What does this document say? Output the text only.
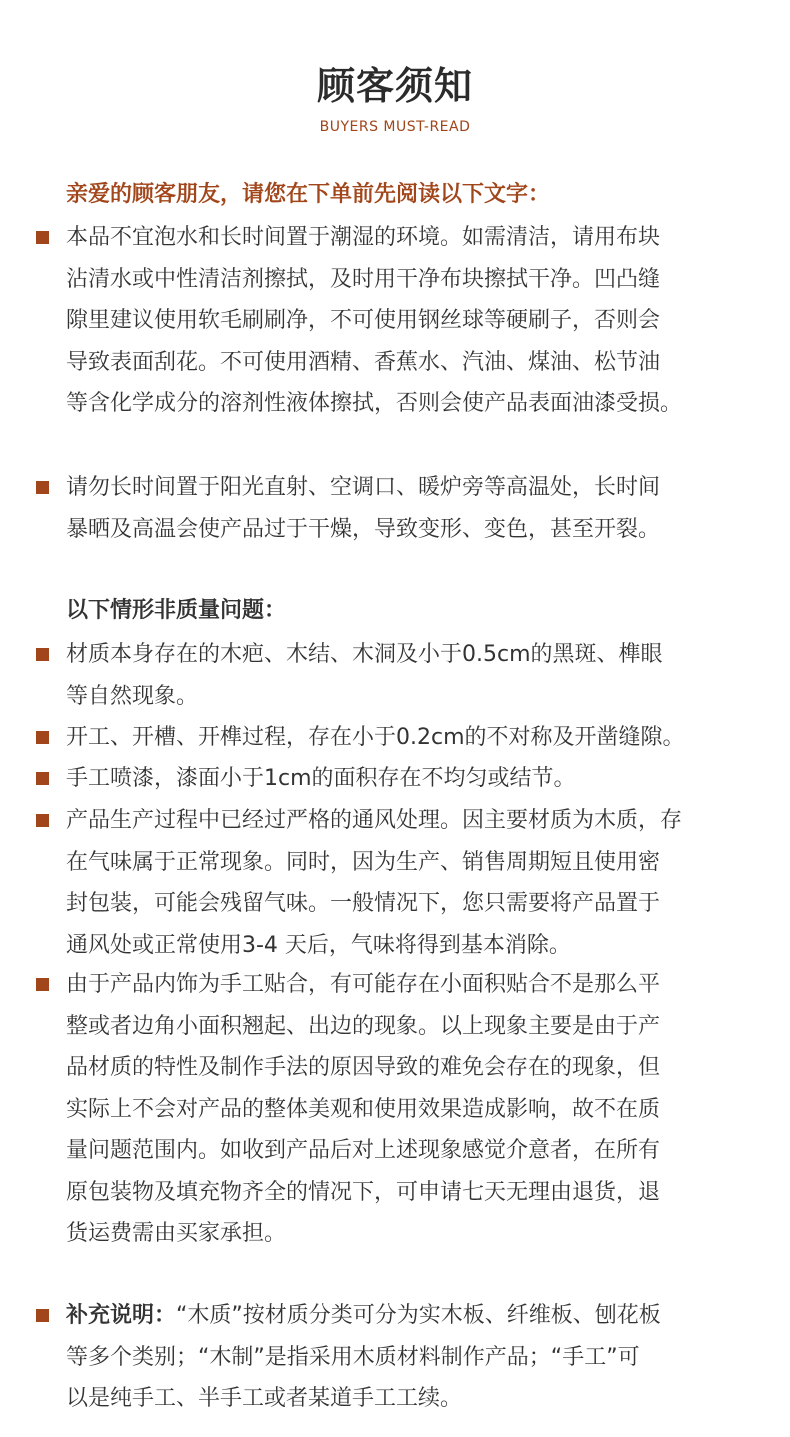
顾客须知
BUYERS MUST-READ
亲爱的顾客朋友，请您在下单前先阅读以下文字：
本品不宜泡水和长时间置于潮湿的环境。如需清洁，请用布块
沾清水或中性清洁剂擦拭，及时用干净布块擦拭干净。凹凸缝
隙里建议使用软毛刷刷净，不可使用钢丝球等硬刷子，否则会
导致表面刮花。不可使用酒精、香蕉水、汽油、煤油、松节油
等含化学成分的溶剂性液体擦拭，否则会使产品表面油漆受损。
请勿长时间置于阳光直射、空调口、暖炉旁等高温处，长时间
暴晒及高温会使产品过于干燥，导致变形、变色，甚至开裂。
以下情形非质量问题：
材质本身存在的木疤、木结、木洞及小于0.5cm的黑斑、榫眼
等自然现象。
开工、开槽、开榫过程，存在小于0.2cm的不对称及开凿缝隙。
手工喷漆，漆面小于1cm的面积存在不均匀或结节。
产品生产过程中已经过严格的通风处理。因主要材质为木质，存
在气味属于正常现象。同时，因为生产、销售周期短且使用密
封包装，可能会残留气味。一般情况下，您只需要将产品置于
通风处或正常使用3-4 天后，气味将得到基本消除。
由于产品内饰为手工贴合，有可能存在小面积贴合不是那么平
整或者边角小面积翘起、出边的现象。以上现象主要是由于产
品材质的特性及制作手法的原因导致的难免会存在的现象，但
实际上不会对产品的整体美观和使用效果造成影响，故不在质
量问题范围内。如收到产品后对上述现象感觉介意者，在所有
原包装物及填充物齐全的情况下，可申请七天无理由退货，退
货运费需由买家承担。
补充说明：“木质”按材质分类可分为实木板、纤维板、刨花板
等多个类别；“木制”是指采用木质材料制作产品；“手工”可
以是纯手工、半手工或者某道手工工续。
